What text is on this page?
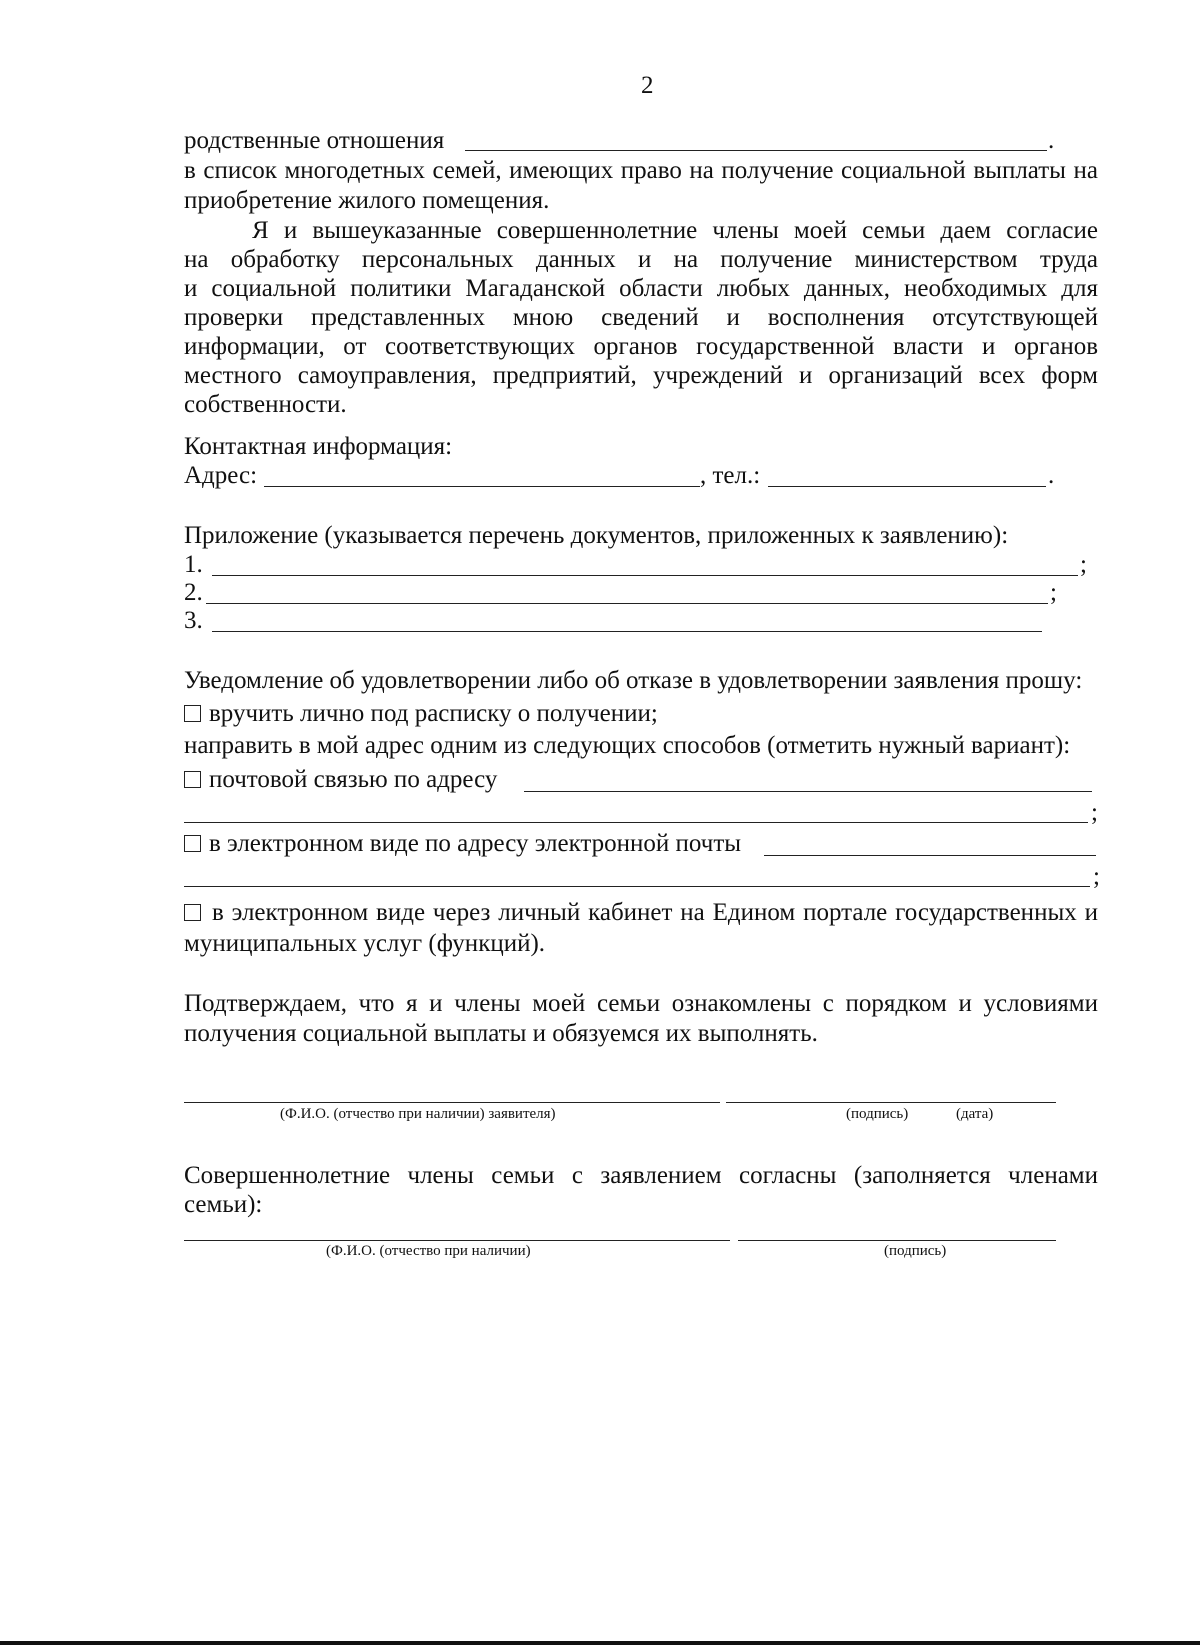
2
родственные отношения	.
в список многодетных семей, имеющих право на получение социальной выплаты на
приобретение жилого помещения.
Я и вышеуказанные совершеннолетние члены моей семьи даем согласие
на обработку персональных данных и на получение министерством труда
и социальной политики Магаданской области любых данных, необходимых для
проверки представленных мною сведений и восполнения отсутствующей
информации, от соответствующих органов государственной власти и органов
местного самоуправления, предприятий, учреждений и организаций всех форм
собственности.
Контактная информация:
Адрес:	, тел.:	.
Приложение (указывается перечень документов, приложенных к заявлению):
1.	;
2.	;
3.
Уведомление об удовлетворении либо об отказе в удовлетворении заявления прошу:
вручить лично под расписку о получении;
направить в мой адрес одним из следующих способов (отметить нужный вариант):
почтовой связью по адресу
;
в электронном виде по адресу электронной почты
;
в электронном виде через личный кабинет на Едином портале государственных и
муниципальных услуг (функций).
Подтверждаем, что я и члены моей семьи ознакомлены с порядком и условиями
получения социальной выплаты и обязуемся их выполнять.
(Ф.И.О. (отчество при наличии) заявителя)	(подпись)	(дата)
Совершеннолетние члены семьи с заявлением согласны (заполняется членами
семьи):
(Ф.И.О. (отчество при наличии)	(подпись)
